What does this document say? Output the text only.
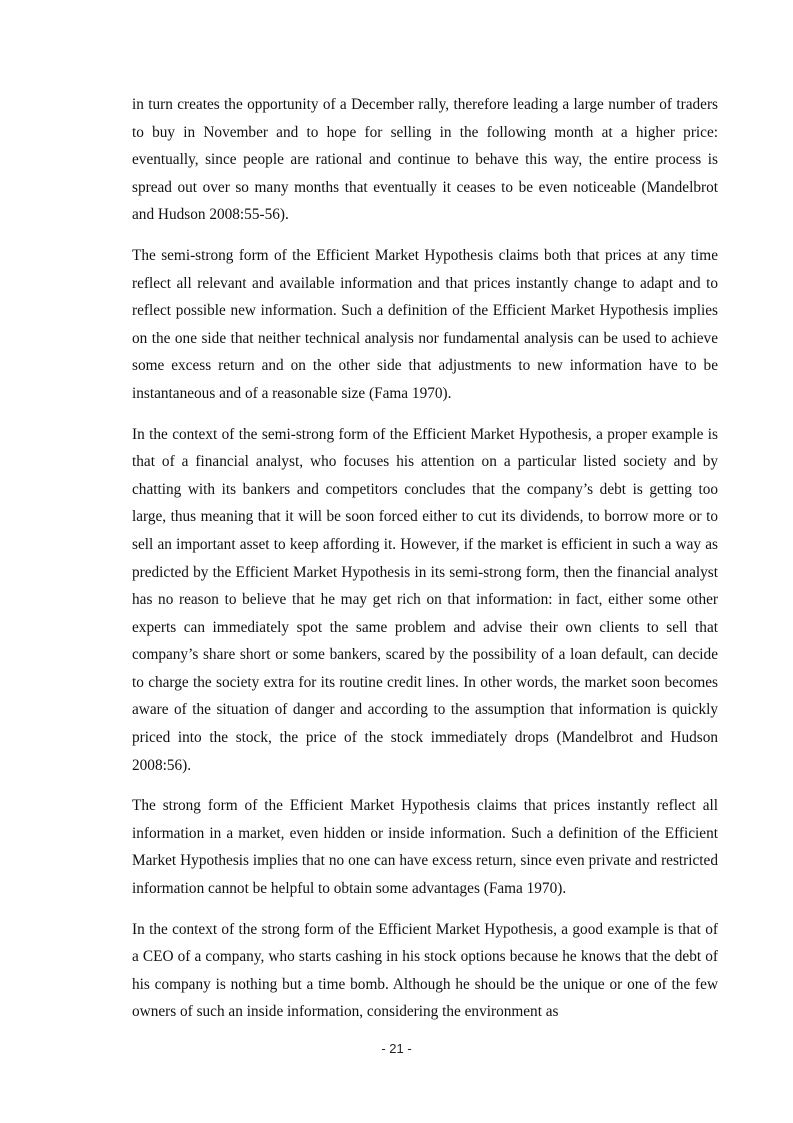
in turn creates the opportunity of a December rally, therefore leading a large number of traders to buy in November and to hope for selling in the following month at a higher price: eventually, since people are rational and continue to behave this way, the entire process is spread out over so many months that eventually it ceases to be even noticeable (Mandelbrot and Hudson 2008:55-56).

The semi-strong form of the Efficient Market Hypothesis claims both that prices at any time reflect all relevant and available information and that prices instantly change to adapt and to reflect possible new information. Such a definition of the Efficient Market Hypothesis implies on the one side that neither technical analysis nor fundamental analysis can be used to achieve some excess return and on the other side that adjustments to new information have to be instantaneous and of a reasonable size (Fama 1970).

In the context of the semi-strong form of the Efficient Market Hypothesis, a proper example is that of a financial analyst, who focuses his attention on a particular listed society and by chatting with its bankers and competitors concludes that the company’s debt is getting too large, thus meaning that it will be soon forced either to cut its dividends, to borrow more or to sell an important asset to keep affording it. However, if the market is efficient in such a way as predicted by the Efficient Market Hypothesis in its semi-strong form, then the financial analyst has no reason to believe that he may get rich on that information: in fact, either some other experts can immediately spot the same problem and advise their own clients to sell that company’s share short or some bankers, scared by the possibility of a loan default, can decide to charge the society extra for its routine credit lines. In other words, the market soon becomes aware of the situation of danger and according to the assumption that information is quickly priced into the stock, the price of the stock immediately drops (Mandelbrot and Hudson 2008:56).

The strong form of the Efficient Market Hypothesis claims that prices instantly reflect all information in a market, even hidden or inside information. Such a definition of the Efficient Market Hypothesis implies that no one can have excess return, since even private and restricted information cannot be helpful to obtain some advantages (Fama 1970).

In the context of the strong form of the Efficient Market Hypothesis, a good example is that of a CEO of a company, who starts cashing in his stock options because he knows that the debt of his company is nothing but a time bomb. Although he should be the unique or one of the few owners of such an inside information, considering the environment as

- 21 -
